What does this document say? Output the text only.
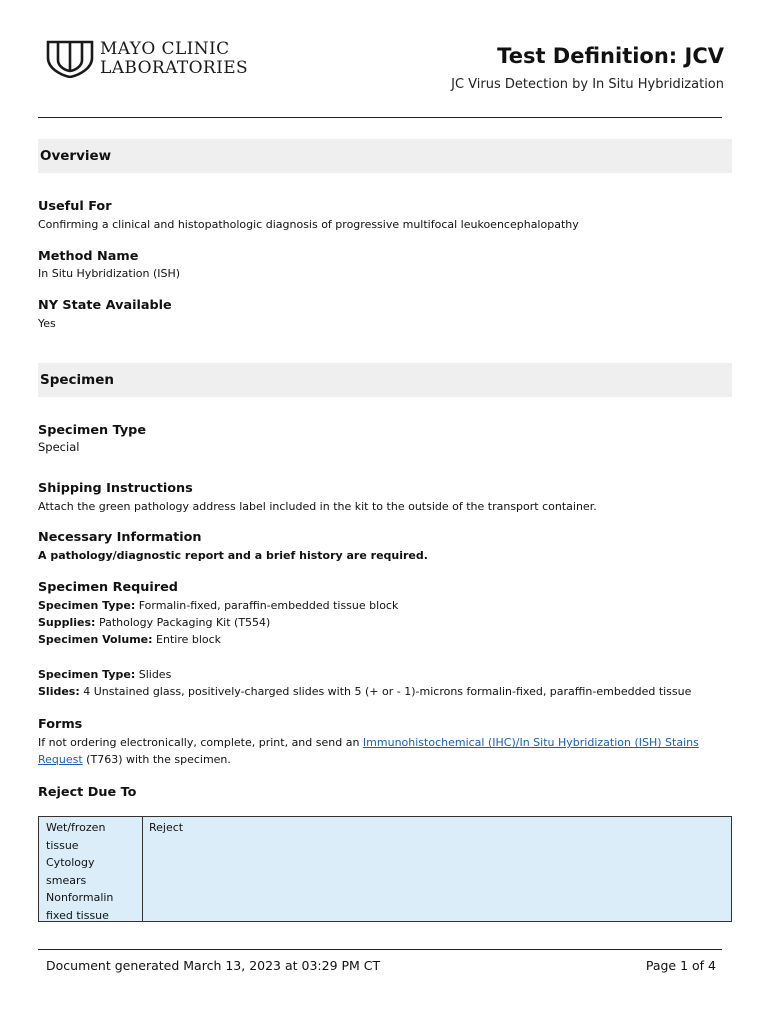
MAYO CLINIC
LABORATORIES	Test Definition: JCV
JC Virus Detection by In Situ Hybridization
Overview
Useful For
Confirming a clinical and histopathologic diagnosis of progressive multifocal leukoencephalopathy
Method Name
In Situ Hybridization (ISH)
NY State Available
Yes
Specimen
Specimen Type
Special
Shipping Instructions
Attach the green pathology address label included in the kit to the outside of the transport container.
Necessary Information
A pathology/diagnostic report and a brief history are required.
Specimen Required
Specimen Type: Formalin-fixed, paraffin-embedded tissue block
Supplies: Pathology Packaging Kit (T554)
Specimen Volume: Entire block
Specimen Type: Slides
Slides: 4 Unstained glass, positively-charged slides with 5 (+ or - 1)-microns formalin-fixed, paraffin-embedded tissue
Forms
If not ordering electronically, complete, print, and send an Immunohistochemical (IHC)/In Situ Hybridization (ISH) Stains
Request (T763) with the specimen.
Reject Due To
Wet/frozen
tissue
Cytology
smears
Nonformalin
fixed tissue
Reject
Document generated March 13, 2023 at 03:29 PM CT	Page 1 of 4
